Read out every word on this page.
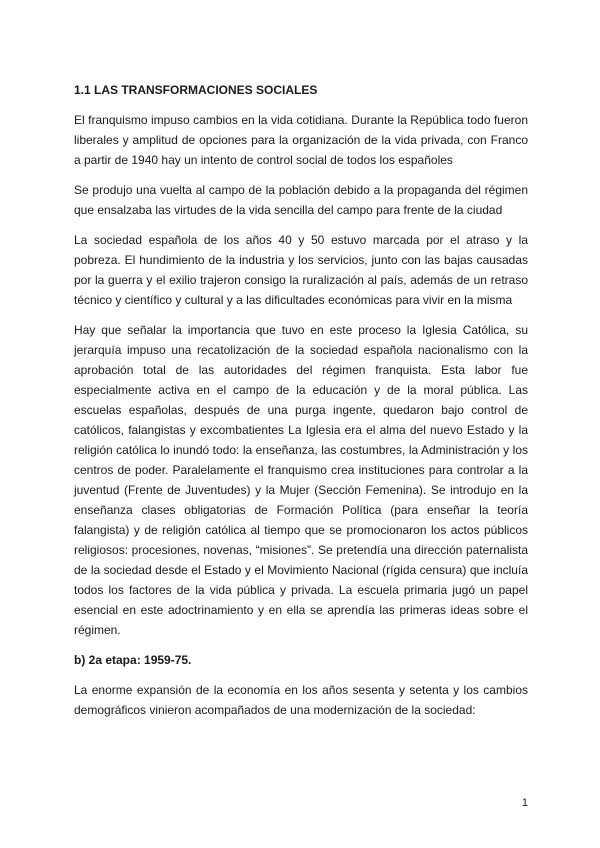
1.1 LAS TRANSFORMACIONES SOCIALES

El franquismo impuso cambios en la vida cotidiana. Durante la República todo fueron liberales y amplitud de opciones para la organización de la vida privada, con Franco a partir de 1940 hay un intento de control social de todos los españoles

Se produjo una vuelta al campo de la población debido a la propaganda del régimen que ensalzaba las virtudes de la vida sencilla del campo para frente de la ciudad

La sociedad española de los años 40 y 50 estuvo marcada por el atraso y la pobreza. El hundimiento de la industria y los servicios, junto con las bajas causadas por la guerra y el exilio trajeron consigo la ruralización al país, además de un retraso técnico y científico y cultural y a las dificultades económicas para vivir en la misma

Hay que señalar la importancia que tuvo en este proceso la Iglesia Católica, su jerarquía impuso una recatolización de la sociedad española nacionalismo con la aprobación total de las autoridades del régimen franquista. Esta labor fue especialmente activa en el campo de la educación y de la moral pública. Las escuelas españolas, después de una purga ingente, quedaron bajo control de católicos, falangistas y excombatientes La Iglesia era el alma del nuevo Estado y la religión católica lo inundó todo: la enseñanza, las costumbres, la Administración y los centros de poder. Paralelamente el franquismo crea instituciones para controlar a la juventud (Frente de Juventudes) y la Mujer (Sección Femenina). Se introdujo en la enseñanza clases obligatorias de Formación Política (para enseñar la teoría falangista) y de religión católica al tiempo que se promocionaron los actos públicos religiosos: procesiones, novenas, “misiones”. Se pretendía una dirección paternalista de la sociedad desde el Estado y el Movimiento Nacional (rígida censura) que incluía todos los factores de la vida pública y privada. La escuela primaria jugó un papel esencial en este adoctrinamiento y en ella se aprendía las primeras ideas sobre el régimen.

b) 2a etapa: 1959-75.

La enorme expansión de la economía en los años sesenta y setenta y los cambios demográficos vinieron acompañados de una modernización de la sociedad:

1
